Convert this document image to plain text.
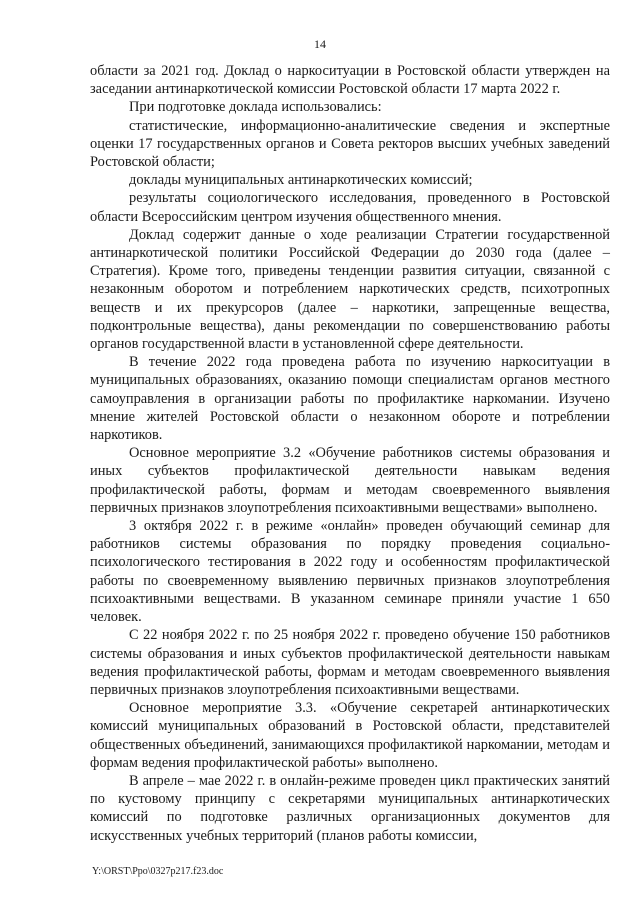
14

области за 2021 год. Доклад о наркоситуации в Ростовской области утвержден на заседании антинаркотической комиссии Ростовской области 17 марта 2022 г.

При подготовке доклада использовались:

статистические, информационно-аналитические сведения и экспертные оценки 17 государственных органов и Совета ректоров высших учебных заведений Ростовской области;

доклады муниципальных антинаркотических комиссий;

результаты социологического исследования, проведенного в Ростовской области Всероссийским центром изучения общественного мнения.

Доклад содержит данные о ходе реализации Стратегии государственной антинаркотической политики Российской Федерации до 2030 года (далее – Стратегия). Кроме того, приведены тенденции развития ситуации, связанной с незаконным оборотом и потреблением наркотических средств, психотропных веществ и их прекурсоров (далее – наркотики, запрещенные вещества, подконтрольные вещества), даны рекомендации по совершенствованию работы органов государственной власти в установленной сфере деятельности.

В течение 2022 года проведена работа по изучению наркоситуации в муниципальных образованиях, оказанию помощи специалистам органов местного самоуправления в организации работы по профилактике наркомании. Изучено мнение жителей Ростовской области о незаконном обороте и потреблении наркотиков.

Основное мероприятие 3.2 «Обучение работников системы образования и иных субъектов профилактической деятельности навыкам ведения профилактической работы, формам и методам своевременного выявления первичных признаков злоупотребления психоактивными веществами» выполнено.

3 октября 2022 г. в режиме «онлайн» проведен обучающий семинар для работников системы образования по порядку проведения социально-психологического тестирования в 2022 году и особенностям профилактической работы по своевременному выявлению первичных признаков злоупотребления психоактивными веществами. В указанном семинаре приняли участие 1 650 человек.

С 22 ноября 2022 г. по 25 ноября 2022 г. проведено обучение 150 работников системы образования и иных субъектов профилактической деятельности навыкам ведения профилактической работы, формам и методам своевременного выявления первичных признаков злоупотребления психоактивными веществами.

Основное мероприятие 3.3. «Обучение секретарей антинаркотических комиссий муниципальных образований в Ростовской области, представителей общественных объединений, занимающихся профилактикой наркомании, методам и формам ведения профилактической работы» выполнено.

В апреле – мае 2022 г. в онлайн-режиме проведен цикл практических занятий по кустовому принципу с секретарями муниципальных антинаркотических комиссий по подготовке различных организационных документов для искусственных учебных территорий (планов работы комиссии,

Y:\ORST\Ppo\0327p217.f23.doc
